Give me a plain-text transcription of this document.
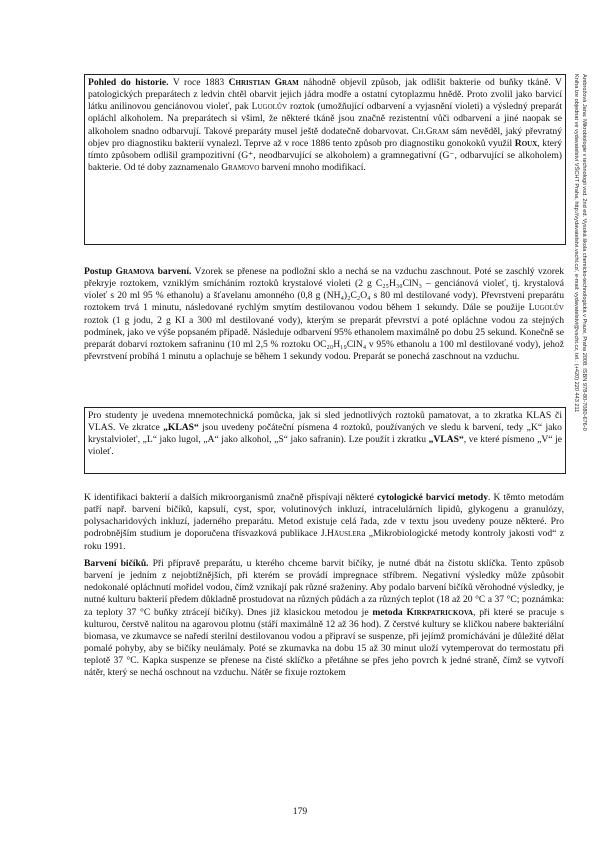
Pohled do historie. V roce 1883 Christian Gram náhodně objevil způsob, jak odlišit bakterie od buňky tkáně. V patologických preparátech z ledvin chtěl obarvit jejich jádra modře a ostatní cytoplazmu hnědě. Proto zvolil jako barvicí látku anilinovou genciánovou violeť, pak Lugolův roztok (umožňující odbarvení a vyjasnění violeti) a výsledný preparát opláchl alkoholem. Na preparátech si všiml, že některé tkáně jsou značně rezistentní vůči odbarvení a jiné naopak se alkoholem snadno odbarvují. Takové preparáty musel ještě dodatečně dobarvovat. Ch.Gram sám nevěděl, jaký převratný objev pro diagnostiku bakterií vynalezl. Teprve až v roce 1886 tento způsob pro diagnostiku gonokoků využil Roux, který tímto způsobem odlišil grampozitivní (G⁺, neodbarvující se alkoholem) a gramnegativní (G⁻, odbarvující se alkoholem) bakterie. Od té doby zaznamenalo Gramovo barvení mnoho modifikací.

Postup Gramova barvení. Vzorek se přenese na podložní sklo a nechá se na vzduchu zaschnout. Poté se zaschlý vzorek překryje roztokem, vzniklým smícháním roztoků krystalové violeti (2 g C₂₅H₃₀ClN₃ – genciánová violeť, tj. krystalová violeť s 20 ml 95 % ethanolu) a šťavelanu amonného (0,8 g (NH₄)₂C₂O₄ s 80 ml destilované vody). Převrstvení preparátu roztokem trvá 1 minutu, následované rychlým smytím destilovanou vodou během 1 sekundy. Dále se použije Lugolův roztok (1 g jodu, 2 g KI a 300 ml destilované vody), kterým se preparát převrství a poté opláchne vodou za stejných podmínek, jako ve výše popsaném případě. Následuje odbarvení 95% ethanolem maximálně po dobu 25 sekund. Konečně se preparát dobarví roztokem safraninu (10 ml 2,5 % roztoku OC₂₀H₁₉ClN₄ v 95% ethanolu a 100 ml destilované vody), jehož převrstvení probíhá 1 minutu a oplachuje se během 1 sekundy vodou. Preparát se ponechá zaschnout na vzduchu.

Pro studenty je uvedena mnemotechnická pomůcka, jak si sled jednotlivých roztoků pamatovat, a to zkratka KLAS či VLAS. Ve zkratce „KLAS“ jsou uvedeny počáteční písmena 4 roztoků, používaných ve sledu k barvení, tedy „K“ jako krystalviolet', „L“ jako lugol, „A“ jako alkohol, „S“ jako safranin). Lze použít i zkratku „VLAS“, ve které písmeno „V“ je violeť.

K identifikaci bakterií a dalších mikroorganismů značně přispívají některé cytologické barvicí metody. K těmto metodám patří např. barvení bičíků, kapsulí, cyst, spor, volutinových inkluzí, intracelulárních lipidů, glykogenu a granulózy, polysacharidových inkluzí, jaderného preparátu. Metod existuje celá řada, zde v textu jsou uvedeny pouze některé. Pro podrobnějším studium je doporučena třísvazková publikace J.Häuslera „Mikrobiologické metody kontroly jakosti vod“ z roku 1991.

Barvení bičíků. Při přípravě preparátu, u kterého chceme barvit bičíky, je nutné dbát na čistotu sklíčka. Tento způsob barvení je jedním z nejobtížnějších, při kterém se provádí impregnace stříbrem. Negativní výsledky může způsobit nedokonalé opláchnutí mořidel vodou, čímž vznikají pak různé sraženiny. Aby podalo barvení bičíků věrohodné výsledky, je nutné kulturu bakterií předem důkladně prostudovat na různých půdách a za různých teplot (18 až 20 °C a 37 °C; poznámka: za teploty 37 °C buňky ztrácejí bičíky). Dnes již klasickou metodou je metoda Kirkpatrickova, při které se pracuje s kulturou, čerstvě nalitou na agarovou plotnu (stáří maximálně 12 až 36 hod). Z čerstvé kultury se kličkou nabere bakteriální biomasa, ve zkumavce se naředí sterilní destilovanou vodou a připraví se suspenze, při jejímž promícháváni je důležité dělat pomalé pohyby, aby se bičíky neulámaly. Poté se zkumavka na dobu 15 až 30 minut uloží vytemperovat do termostatu při teplotě 37 °C. Kapka suspenze se přenese na čisté sklíčko a přetáhne se přes jeho povrch k jedné straně, čímž se vytvoří nátěr, který se nechá oschnout na vzduchu. Nátěr se fixuje roztokem

179
Ambrožová Jana: Mikrobiologie v technologii vod. 2nd ed. Vysoká škola chemicko-technologická v Praze, Praha 2008. ISBN 978-80-7080-676-0
Kniha lze objednat ve vydavatelství VŠCHT Praha, http://vydavatelstvi.vscht.cz/, e-mail: vydavatelstvi@vscht.cz, tel.: (+420) 220 443 211
